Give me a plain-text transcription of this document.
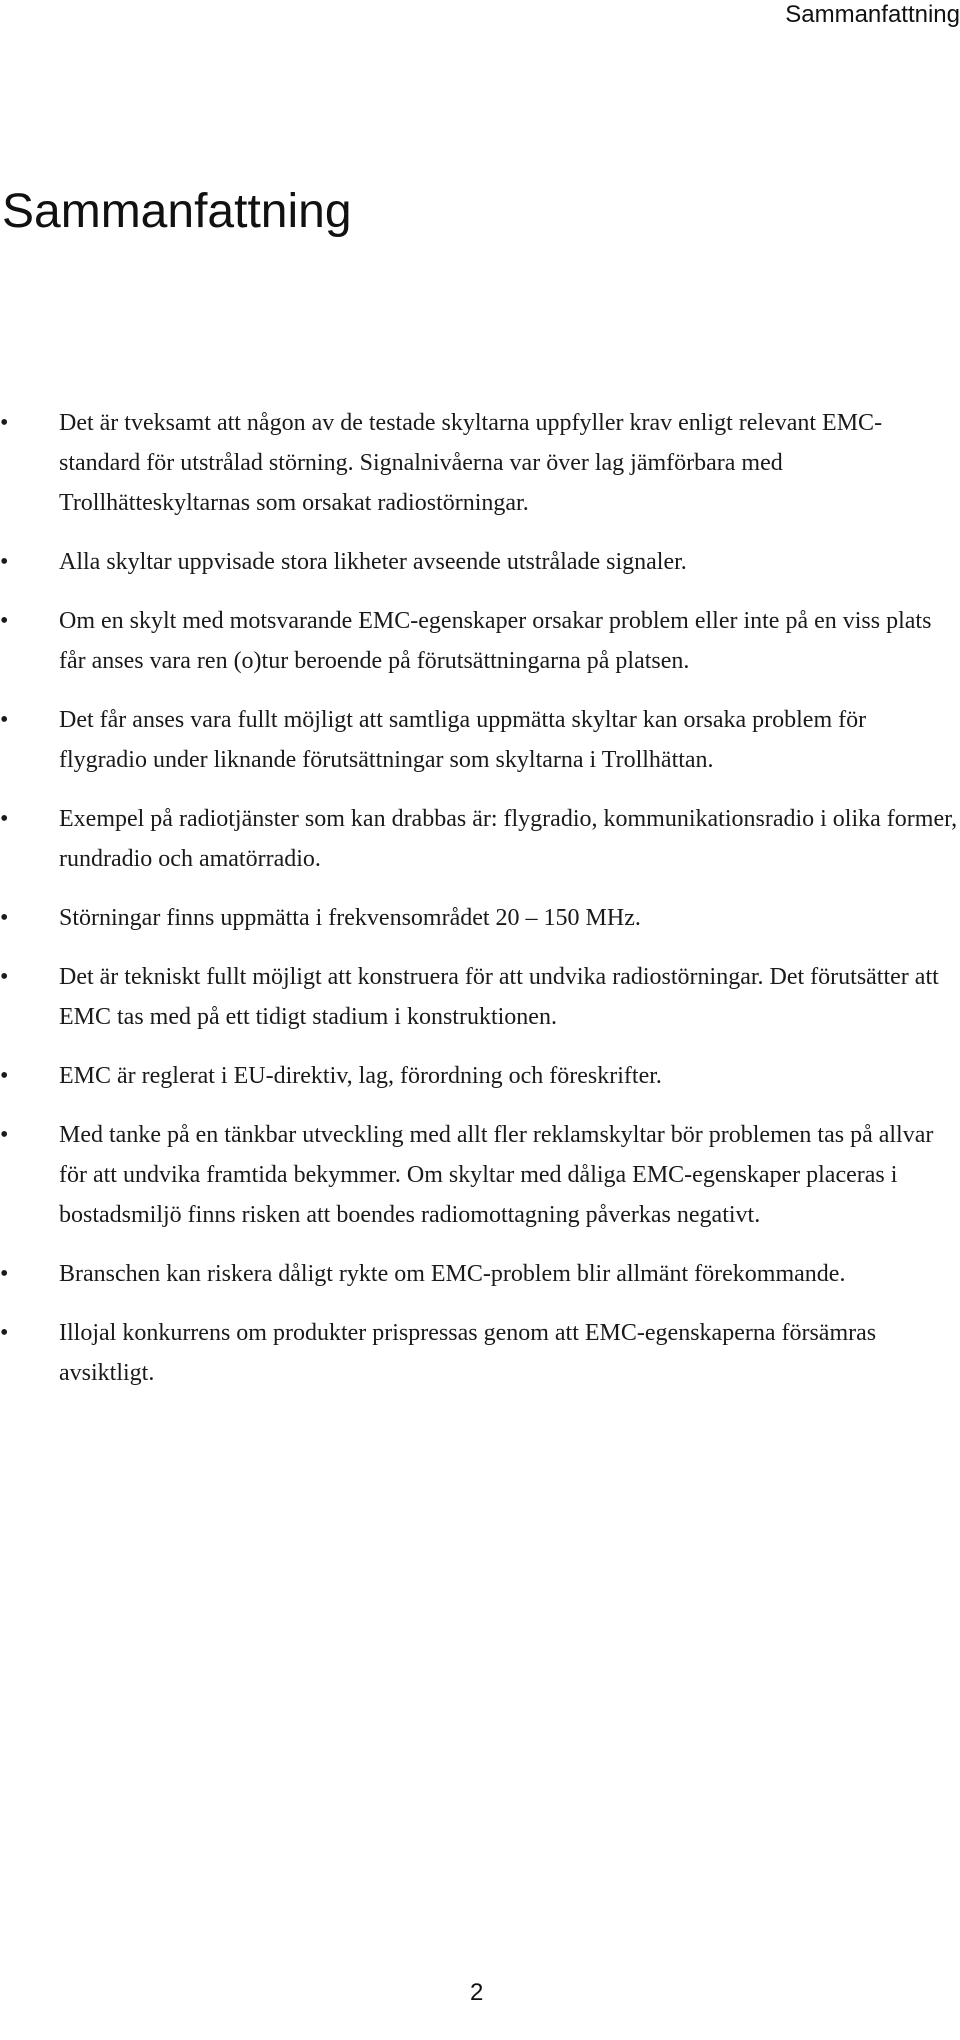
Sammanfattning
Sammanfattning
•	Det är tveksamt att någon av de testade skyltarna uppfyller krav enligt relevant EMC-standard för utstrålad störning. Signalnivåerna var över lag jämförbara med Trollhätteskyltarnas som orsakat radiostörningar.
•	Alla skyltar uppvisade stora likheter avseende utstrålade signaler.
•	Om en skylt med motsvarande EMC-egenskaper orsakar problem eller inte på en viss plats får anses vara ren (o)tur beroende på förutsättningarna på platsen.
•	Det får anses vara fullt möjligt att samtliga uppmätta skyltar kan orsaka problem för flygradio under liknande förutsättningar som skyltarna i Trollhättan.
•	Exempel på radiotjänster som kan drabbas är: flygradio, kommunikationsradio i olika former, rundradio och amatörradio.
•	Störningar finns uppmätta i frekvensområdet 20 – 150 MHz.
•	Det är tekniskt fullt möjligt att konstruera för att undvika radiostörningar. Det förutsätter att EMC tas med på ett tidigt stadium i konstruktionen.
•	EMC är reglerat i EU-direktiv, lag, förordning och föreskrifter.
•	Med tanke på en tänkbar utveckling med allt fler reklamskyltar bör problemen tas på allvar för att undvika framtida bekymmer. Om skyltar med dåliga EMC-egenskaper placeras i bostadsmiljö finns risken att boendes radiomottagning påverkas negativt.
•	Branschen kan riskera dåligt rykte om EMC-problem blir allmänt förekommande.
•	Illojal konkurrens om produkter prispressas genom att EMC-egenskaperna försämras avsiktligt.
2
